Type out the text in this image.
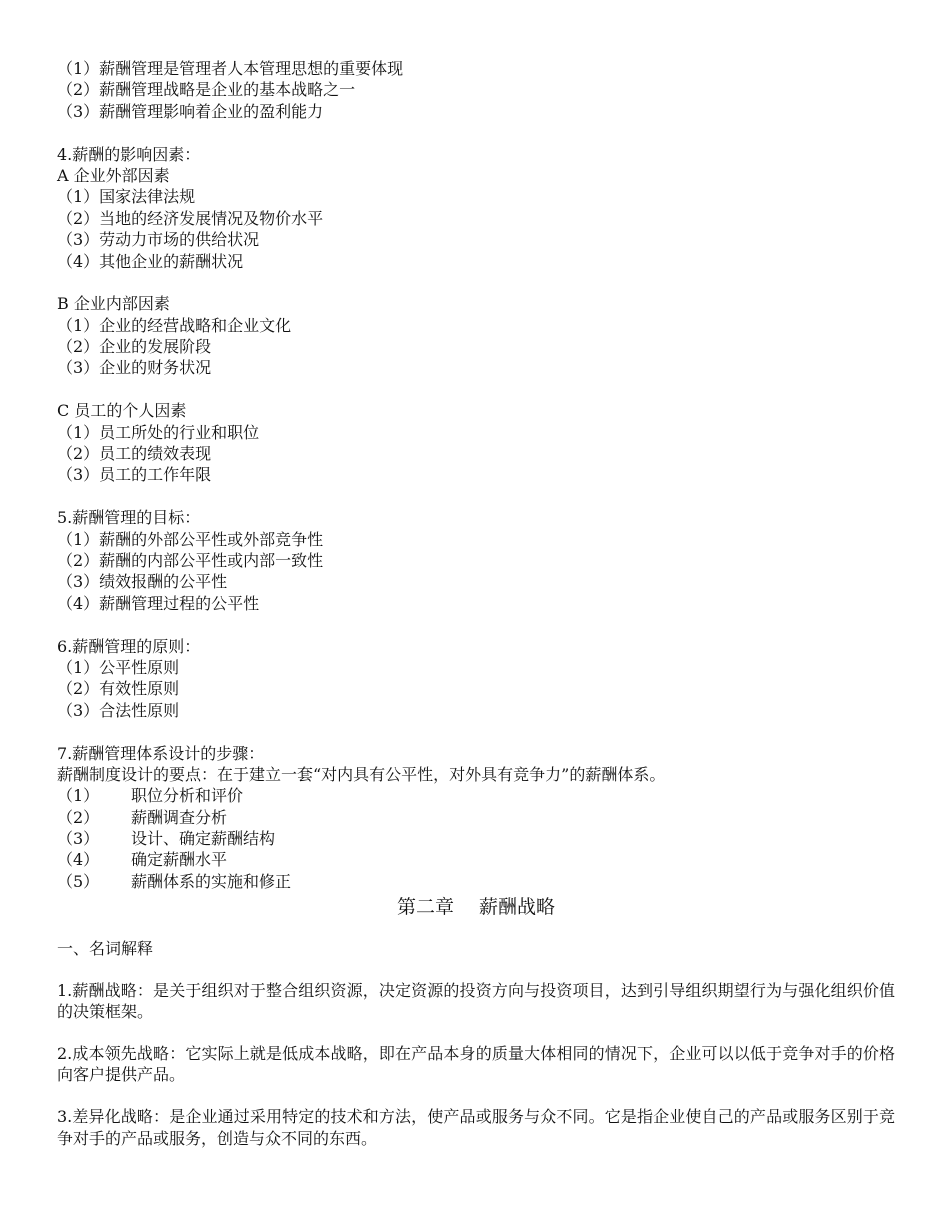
（1）薪酬管理是管理者人本管理思想的重要体现
（2）薪酬管理战略是企业的基本战略之一
（3）薪酬管理影响着企业的盈利能力
4.薪酬的影响因素：
A 企业外部因素
（1）国家法律法规
（2）当地的经济发展情况及物价水平
（3）劳动力市场的供给状况
（4）其他企业的薪酬状况
B 企业内部因素
（1）企业的经营战略和企业文化
（2）企业的发展阶段
（3）企业的财务状况
C 员工的个人因素
（1）员工所处的行业和职位
（2）员工的绩效表现
（3）员工的工作年限
5.薪酬管理的目标：
（1）薪酬的外部公平性或外部竞争性
（2）薪酬的内部公平性或内部一致性
（3）绩效报酬的公平性
（4）薪酬管理过程的公平性
6.薪酬管理的原则：
（1）公平性原则
（2）有效性原则
（3）合法性原则
7.薪酬管理体系设计的步骤：
薪酬制度设计的要点：在于建立一套“对内具有公平性，对外具有竞争力”的薪酬体系。
（1）	职位分析和评价
（2）	薪酬调查分析
（3）	设计、确定薪酬结构
（4）	确定薪酬水平
（5）	薪酬体系的实施和修正
第二章　 薪酬战略
一、名词解释
1.薪酬战略：是关于组织对于整合组织资源，决定资源的投资方向与投资项目，达到引导组织期望行为与强化组织价值的决策框架。
2.成本领先战略：它实际上就是低成本战略，即在产品本身的质量大体相同的情况下，企业可以以低于竞争对手的价格向客户提供产品。
3.差异化战略：是企业通过采用特定的技术和方法，使产品或服务与众不同。它是指企业使自己的产品或服务区别于竞争对手的产品或服务，创造与众不同的东西。
